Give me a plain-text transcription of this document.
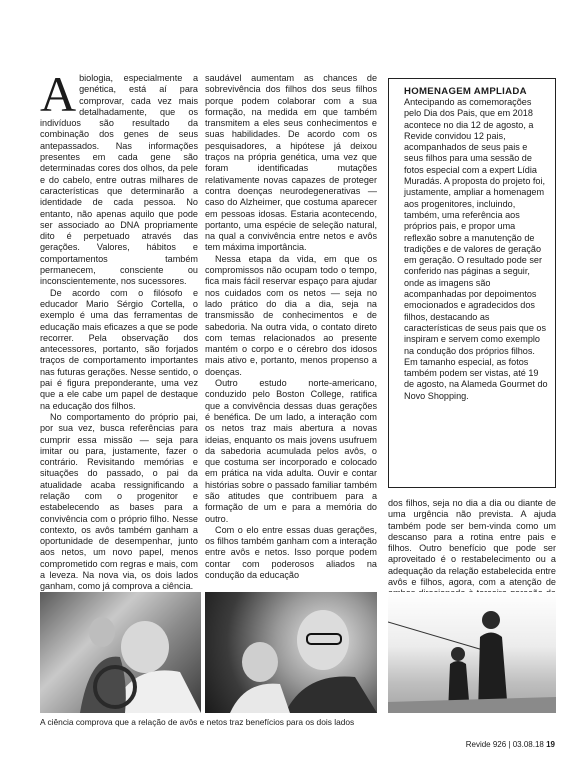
Abiologia, especialmente a genética, está aí para comprovar, cada vez mais detalhadamente, que os indivíduos são resultado da combinação dos genes de seus antepassados. Nas informações presentes em cada gene são determinadas cores dos olhos, da pele e do cabelo, entre outras milhares de características que determinarão a identidade de cada pessoa. No entanto, não apenas aquilo que pode ser associado ao DNA propriamente dito é perpetuado através das gerações. Valores, hábitos e comportamentos também permanecem, consciente ou inconscientemente, nos sucessores.

De acordo com o filósofo e educador Mario Sérgio Cortella, o exemplo é uma das ferramentas de educação mais eficazes a que se pode recorrer. Pela observação dos antecessores, portanto, são forjados traços de comportamento importantes nas futuras gerações. Nesse sentido, o pai é figura preponderante, uma vez que a ele cabe um papel de destaque na educação dos filhos.

No comportamento do próprio pai, por sua vez, busca referências para cumprir essa missão — seja para imitar ou para, justamente, fazer o contrário. Revisitando memórias e situações do passado, o pai da atualidade acaba ressignificando a relação com o progenitor e estabelecendo as bases para a convivência com o próprio filho. Nesse contexto, os avôs também ganham a oportunidade de desempenhar, junto aos netos, um novo papel, menos comprometido com regras e mais, com a leveza. Na nova via, os dois lados ganham, como já comprova a ciência.

saudável aumentam as chances de sobrevivência dos filhos dos seus filhos porque podem colaborar com a sua formação, na medida em que também transmitem a eles seus conhecimentos e suas habilidades. De acordo com os pesquisadores, a hipótese já deixou traços na própria genética, uma vez que foram identificadas mutações relativamente novas capazes de proteger contra doenças neurodegenerativas — caso do Alzheimer, que costuma aparecer em pessoas idosas. Estaria acontecendo, portanto, uma espécie de seleção natural, na qual a convivência entre netos e avôs tem máxima importância.

Nessa etapa da vida, em que os compromissos não ocupam todo o tempo, fica mais fácil reservar espaço para ajudar nos cuidados com os netos — seja no lado prático do dia a dia, seja na transmissão de conhecimentos e de sabedoria. Na outra vida, o contato direto com temas relacionados ao presente mantém o corpo e o cérebro dos idosos mais ativo e, portanto, menos propenso a doenças.

Outro estudo norte-americano, conduzido pelo Boston College, ratifica que a convivência dessas duas gerações é benéfica. De um lado, a interação com os netos traz mais abertura a novas ideias, enquanto os mais jovens usufruem da sabedoria acumulada pelos avôs, o que costuma ser incorporado e colocado em prática na vida adulta. Ouvir e contar histórias sobre o passado familiar também são atitudes que contribuem para a formação de um e para a memória do outro.

Com o elo entre essas duas gerações, os filhos também ganham com a interação entre avôs e netos. Isso porque podem contar com poderosos aliados na condução da educação

HOMENAGEM AMPLIADA

Antecipando as comemorações pelo Dia dos Pais, que em 2018 acontece no dia 12 de agosto, a Revide convidou 12 pais, acompanhados de seus pais e seus filhos para uma sessão de fotos especial com a expert Lídia Muradás. A proposta do projeto foi, justamente, ampliar a homenagem aos progenitores, incluindo, também, uma referência aos próprios pais, e propor uma reflexão sobre a manutenção de tradições e de valores de geração em geração. O resultado pode ser conferido nas páginas a seguir, onde as imagens são acompanhadas por depoimentos emocionados e agradecidos dos filhos, destacando as características de seus pais que os inspiram e servem como exemplo na condução dos próprios filhos. Em tamanho especial, as fotos também podem ser vistas, até 19 de agosto, na Alameda Gourmet do Novo Shopping.

dos filhos, seja no dia a dia ou diante de uma urgência não prevista. A ajuda também pode ser bem-vinda como um descanso para a rotina entre pais e filhos. Outro benefício que pode ser aproveitado é o restabelecimento ou a adequação da relação estabelecida entre avôs e filhos, agora, com a atenção de

A ciência comprova que a relação de avôs e netos traz benefícios para os dois lados
Revide 926 | 03.08.18 19
